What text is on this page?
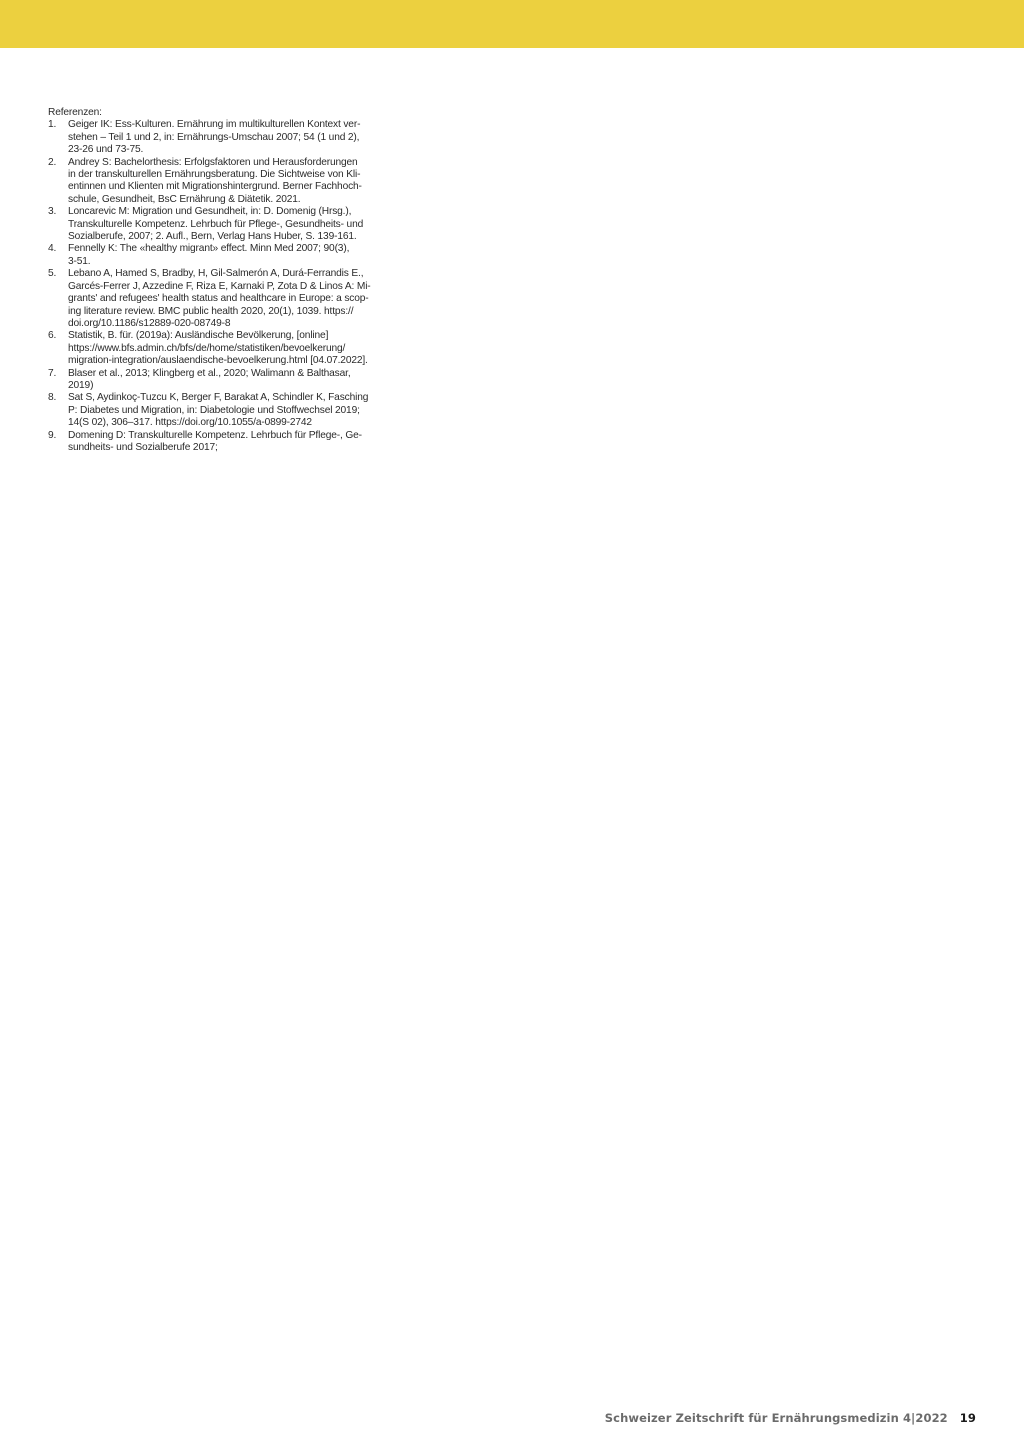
Referenzen:

1.	Geiger IK: Ess-Kulturen. Ernährung im multikulturellen Kontext ver-
stehen – Teil 1 und 2, in: Ernährungs-Umschau 2007; 54 (1 und 2),
23-26 und 73-75.
2.	Andrey S: Bachelorthesis: Erfolgsfaktoren und Herausforderungen
in der transkulturellen Ernährungsberatung. Die Sichtweise von Kli-
entinnen und Klienten mit Migrationshintergrund. Berner Fachhoch-
schule, Gesundheit, BsC Ernährung & Diätetik. 2021.
3.	Loncarevic M: Migration und Gesundheit, in: D. Domenig (Hrsg.),
Transkulturelle Kompetenz. Lehrbuch für Pflege-, Gesundheits- und
Sozialberufe, 2007; 2. Aufl., Bern, Verlag Hans Huber, S. 139-161.
4.	Fennelly K: The «healthy migrant» effect. Minn Med 2007; 90(3),
3-51.
5.	Lebano A, Hamed S, Bradby, H, Gil-Salmerón A, Durá-Ferrandis E.,
Garcés-Ferrer J, Azzedine F, Riza E, Karnaki P, Zota D & Linos A: Mi-
grants' and refugees' health status and healthcare in Europe: a scop-
ing literature review. BMC public health 2020, 20(1), 1039. https://
doi.org/10.1186/s12889-020-08749-8
6.	Statistik, B. für. (2019a): Ausländische Bevölkerung, [online]
https://www.bfs.admin.ch/bfs/de/home/statistiken/bevoelkerung/
migration-integration/auslaendische-bevoelkerung.html [04.07.2022].
7.	Blaser et al., 2013; Klingberg et al., 2020; Walimann & Balthasar,
2019)
8.	Sat S, Aydinkoç-Tuzcu K, Berger F, Barakat A, Schindler K, Fasching
P: Diabetes und Migration, in: Diabetologie und Stoffwechsel 2019;
14(S 02), 306–317. https://doi.org/10.1055/a-0899-2742
9.	Domening D: Transkulturelle Kompetenz. Lehrbuch für Pflege-, Ge-
sundheits- und Sozialberufe 2017;
Schweizer Zeitschrift für Ernährungsmedizin 4|2022 19
